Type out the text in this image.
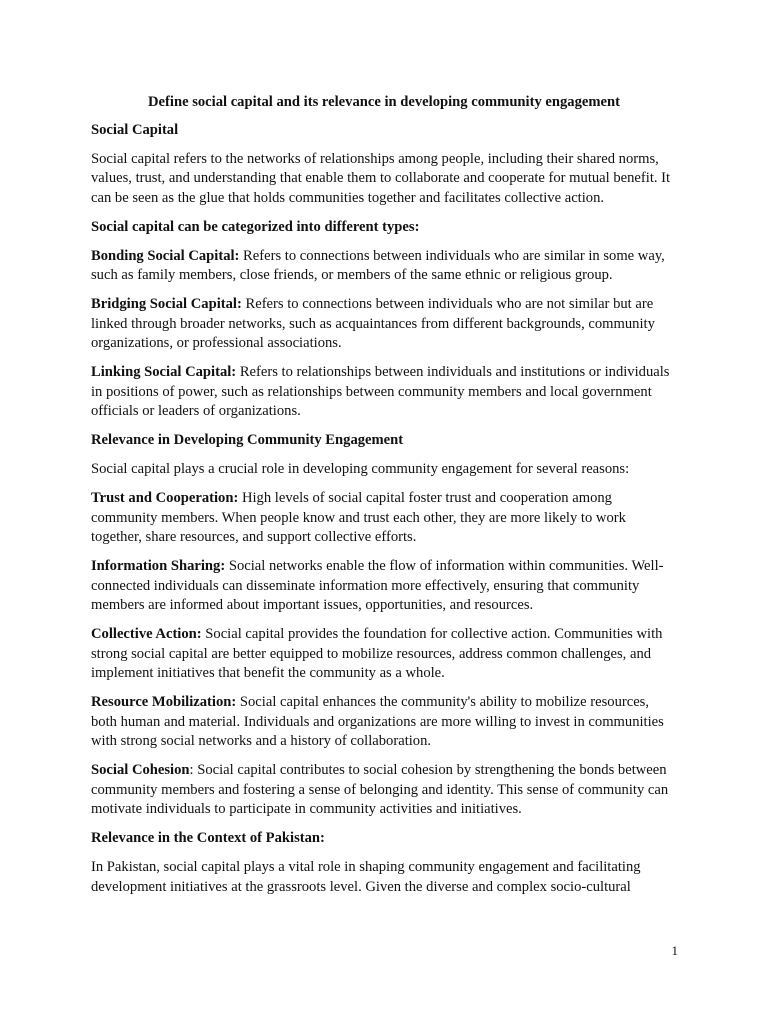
Define social capital and its relevance in developing community engagement

Social Capital

Social capital refers to the networks of relationships among people, including their shared norms, values, trust, and understanding that enable them to collaborate and cooperate for mutual benefit. It can be seen as the glue that holds communities together and facilitates collective action.

Social capital can be categorized into different types:

Bonding Social Capital: Refers to connections between individuals who are similar in some way, such as family members, close friends, or members of the same ethnic or religious group.

Bridging Social Capital: Refers to connections between individuals who are not similar but are linked through broader networks, such as acquaintances from different backgrounds, community organizations, or professional associations.

Linking Social Capital: Refers to relationships between individuals and institutions or individuals in positions of power, such as relationships between community members and local government officials or leaders of organizations.

Relevance in Developing Community Engagement

Social capital plays a crucial role in developing community engagement for several reasons:

Trust and Cooperation: High levels of social capital foster trust and cooperation among community members. When people know and trust each other, they are more likely to work together, share resources, and support collective efforts.

Information Sharing: Social networks enable the flow of information within communities. Well-connected individuals can disseminate information more effectively, ensuring that community members are informed about important issues, opportunities, and resources.

Collective Action: Social capital provides the foundation for collective action. Communities with strong social capital are better equipped to mobilize resources, address common challenges, and implement initiatives that benefit the community as a whole.

Resource Mobilization: Social capital enhances the community's ability to mobilize resources, both human and material. Individuals and organizations are more willing to invest in communities with strong social networks and a history of collaboration.

Social Cohesion: Social capital contributes to social cohesion by strengthening the bonds between community members and fostering a sense of belonging and identity. This sense of community can motivate individuals to participate in community activities and initiatives.

Relevance in the Context of Pakistan:

In Pakistan, social capital plays a vital role in shaping community engagement and facilitating development initiatives at the grassroots level. Given the diverse and complex socio-cultural

1
